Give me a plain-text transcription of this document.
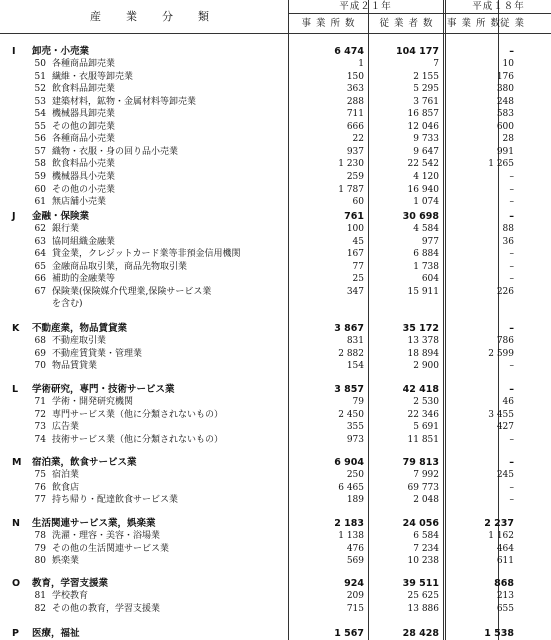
産　　業　　分　　類
平成２１年	平成１８年
事 業 所 数	従 業 者 数	事 業 所 数
従 業
I 卸売・小売業	6 474	104 177	–
50 各種商品卸売業	1	7	10
51 繊維・衣服等卸売業	150	2 155	176
52 飲食料品卸売業	363	5 295	380
53 建築材料，鉱物・金属材料等卸売業	288	3 761	248
54 機械器具卸売業	711	16 857	583
55 その他の卸売業	666	12 046	600
56 各種商品小売業	22	9 733	28
57 織物・衣服・身の回り品小売業	937	9 647	991
58 飲食料品小売業	1 230	22 542	1 265
59 機械器具小売業	259	4 120	–
60 その他の小売業	1 787	16 940	–
61 無店舗小売業	60	1 074	–
J 金融・保険業	761	30 698	–
62 銀行業	100	4 584	88
63 協同組織金融業	45	977	36
64 貸金業，クレジットカード業等非預金信用機関	167	6 884	–
65 金融商品取引業，商品先物取引業	77	1 738	–
66 補助的金融業等	25	604	–
67 保険業(保険媒介代理業,保険サービス業	347	15 911	226
を含む)
K 不動産業，物品賃貸業	3 867	35 172	–
68 不動産取引業	831	13 378	786
69 不動産賃貸業・管理業	2 882	18 894	2 599
70 物品賃貸業	154	2 900	–
L 学術研究，専門・技術サービス業	3 857	42 418	–
71 学術・開発研究機関	79	2 530	46
72 専門サービス業（他に分類されないもの）	2 450	22 346	3 455
73 広告業	355	5 691	427
74 技術サービス業（他に分類されないもの）	973	11 851	–
M 宿泊業，飲食サービス業	6 904	79 813	–
75 宿泊業	250	7 992	245
76 飲食店	6 465	69 773	–
77 持ち帰り・配達飲食サービス業	189	2 048	–
N 生活関連サービス業，娯楽業	2 183	24 056	2 237
78 洗濯・理容・美容・浴場業	1 138	6 584	1 162
79 その他の生活関連サービス業	476	7 234	464
80 娯楽業	569	10 238	611
O 教育，学習支援業	924	39 511	868
81 学校教育	209	25 625	213
82 その他の教育，学習支援業	715	13 886	655
P 医療，福祉	1 567	28 428	1 538
